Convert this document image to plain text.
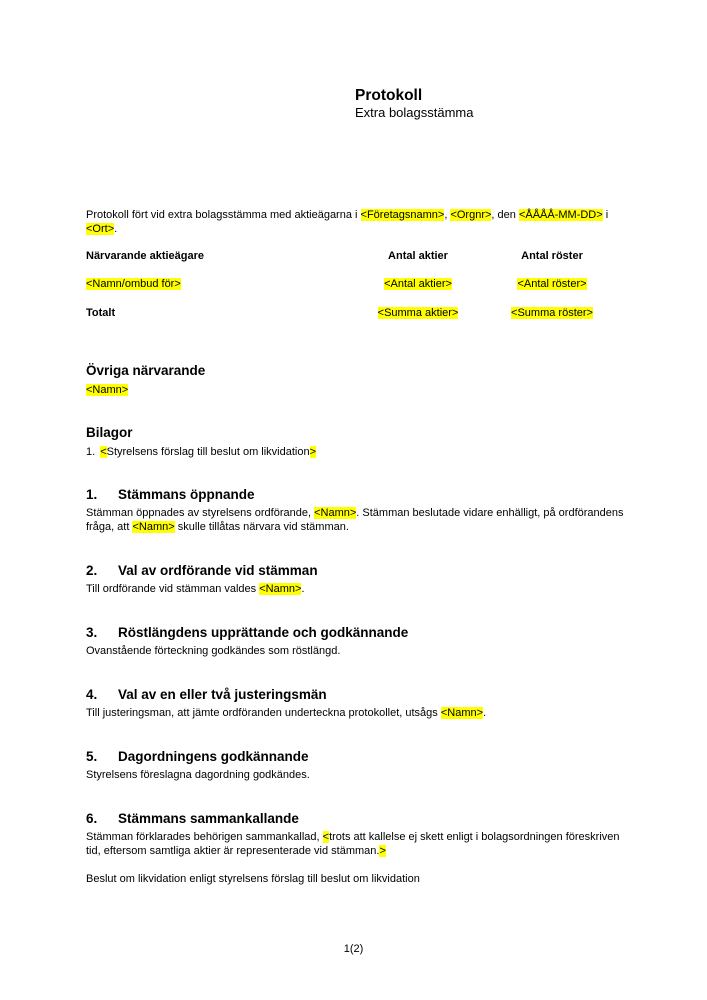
Protokoll
Extra bolagsstämma
Protokoll fört vid extra bolagsstämma med aktieägarna i <Företagsnamn>, <Orgnr>, den <ÅÅÅÅ-MM-DD> i <Ort>.
Närvarande aktieägare	Antal aktier	Antal röster
<Namn/ombud för>	<Antal aktier>	<Antal röster>
Totalt	<Summa aktier>	<Summa röster>
Övriga närvarande
<Namn>
Bilagor
1. <Styrelsens förslag till beslut om likvidation>
1. Stämmans öppnande
Stämman öppnades av styrelsens ordförande, <Namn>. Stämman beslutade vidare enhälligt, på ordförandens fråga, att <Namn> skulle tillåtas närvara vid stämman.
2. Val av ordförande vid stämman
Till ordförande vid stämman valdes <Namn>.
3. Röstlängdens upprättande och godkännande
Ovanstående förteckning godkändes som röstlängd.
4. Val av en eller två justeringsmän
Till justeringsman, att jämte ordföranden underteckna protokollet, utsågs <Namn>.
5. Dagordningens godkännande
Styrelsens föreslagna dagordning godkändes.
6. Stämmans sammankallande
Stämman förklarades behörigen sammankallad, <trots att kallelse ej skett enligt i bolagsordningen föreskriven tid, eftersom samtliga aktier är representerade vid stämman.>
Beslut om likvidation enligt styrelsens förslag till beslut om likvidation
1(2)
